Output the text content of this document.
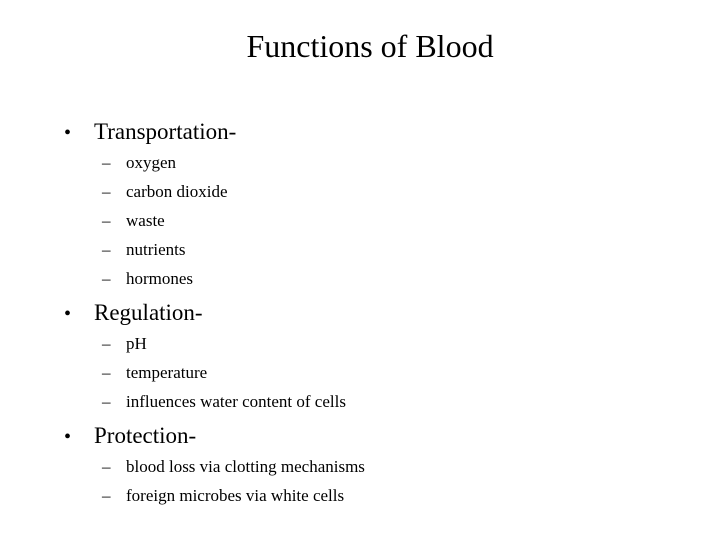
Functions of Blood
• Transportation-
– oxygen
– carbon dioxide
– waste
– nutrients
– hormones
• Regulation-
– pH
– temperature
– influences water content of cells
• Protection-
– blood loss via clotting mechanisms
– foreign microbes via white cells
